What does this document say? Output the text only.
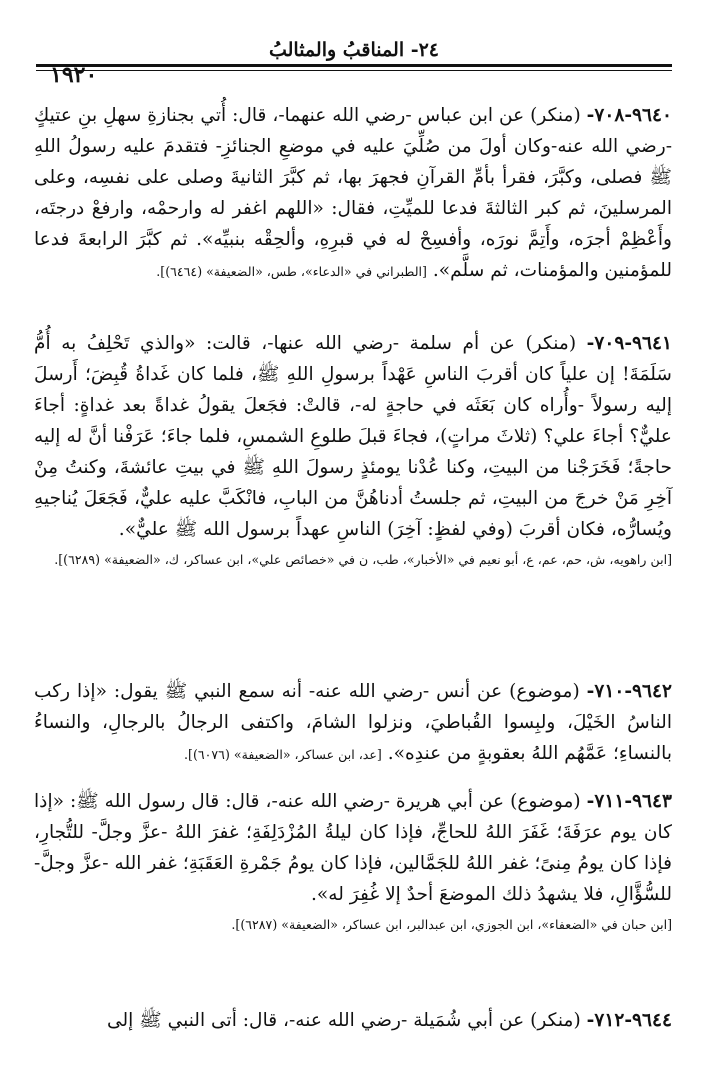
١٩٢٠
٢٤- المناقبُ والمثالبُ

٩٦٤٠-٧٠٨- (منكر) عن ابن عباس -رضي الله عنهما-، قال: أُتي بجنازةِ سهلِ بنِ عتيكٍ -رضي الله عنه-وكان أولَ من صُلِّيَ عليه في موضعِ الجنائزِ- فتقدمَ عليه رسولُ اللهِ ﷺ فصلى، وكبَّرَ، فقرأ بأمِّ القرآنِ فجهرَ بها، ثم كبَّرَ الثانيةَ وصلى على نفسِه، وعلى المرسلينَ، ثم كبر الثالثةَ فدعا للميِّتِ، فقال: «اللهم اغفر له وارحمْه، وارفعْ درجتَه، وأَعْظِمْ أجرَه، وأَتِمَّ نورَه، وأفسِحْ له في قبرِهِ، وألحِقْه بنبيِّه». ثم كبَّرَ الرابعةَ فدعا للمؤمنين والمؤمنات، ثم سلَّم». [الطبراني في «الدعاء»، طس، «الضعيفة» (٦٤٦٤)].

٩٦٤١-٧٠٩- (منكر) عن أم سلمة -رضي الله عنها-، قالت: «والذي تَحْلِفُ به أُمُّ سَلَمَةَ! إن علياً كان أقربَ الناسِ عَهْداً برسولِ اللهِ ﷺ، فلما كان غَداةُ قُبِضَ؛ أَرسلَ إليه رسولاً -وأُراه كان بَعَثَه في حاجةٍ له-، قالتْ: فجَعلَ يقولُ غداةً بعد غداةٍ: أجاءَ عليٌّ؟ أجاءَ علي؟ (ثلاثَ مراتٍ)، فجاءَ قبلَ طلوعِ الشمسِ، فلما جاءَ؛ عَرَفْنا أنَّ له إليه حاجةً؛ فَخَرَجْنا من البيتِ، وكنا عُدْنا يومئذٍ رسولَ اللهِ ﷺ في بيتِ عائشةَ، وكنتُ مِنْ آخِرِ مَنْ خرجَ من البيتِ، ثم جلستُ أدناهُنَّ من البابِ، فانْكَبَّ عليه عليٌّ، فَجَعَلَ يُناجيهِ ويُسارُّه، فكان أقربَ (وفي لفظٍ: آخِرَ) الناسِ عهداً برسول الله ﷺ عليٌّ».

[ابن راهويه، ش، حم، عم، ع، أبو نعيم في «الأخبار»، طب، ن في «خصائص علي»، ابن عساكر، ك، «الضعيفة» (٦٢٨٩)].

٩٦٤٢-٧١٠- (موضوع) عن أنس -رضي الله عنه- أنه سمع النبي ﷺ يقول: «إذا ركب الناسُ الخَيْلَ، ولبِسوا القُباطيَ، ونزلوا الشامَ، واكتفى الرجالُ بالرجالِ، والنساءُ بالنساءِ؛ عَمَّهُم اللهُ بعقوبةٍ من عندِه». [عد، ابن عساكر، «الضعيفة» (٦٠٧٦)].

٩٦٤٣-٧١١- (موضوع) عن أبي هريرة -رضي الله عنه-، قال: قال رسول الله ﷺ: «إذا كان يوم عرَفَةَ؛ غَفَرَ اللهُ للحاجِّ، فإذا كان ليلةُ المُزْدَلِفَةِ؛ غفرَ اللهُ -عزَّ وجلَّ- للتُّجارِ، فإذا كان يومُ مِنىً؛ غفر اللهُ للجَمَّالين، فإذا كان يومُ جَمْرةِ العَقَبَةِ؛ غفر الله -عزَّ وجلَّ- للسُّؤَّالِ، فلا يشهدُ ذلك الموضعَ أحدٌ إلا غُفِرَ له».

[ابن حبان في «الضعفاء»، ابن الجوزي، ابن عبدالبر، ابن عساكر، «الضعيفة» (٦٢٨٧)].

٩٦٤٤-٧١٢- (منكر) عن أبي شُمَيلة -رضي الله عنه-، قال: أتى النبي ﷺ إلى
